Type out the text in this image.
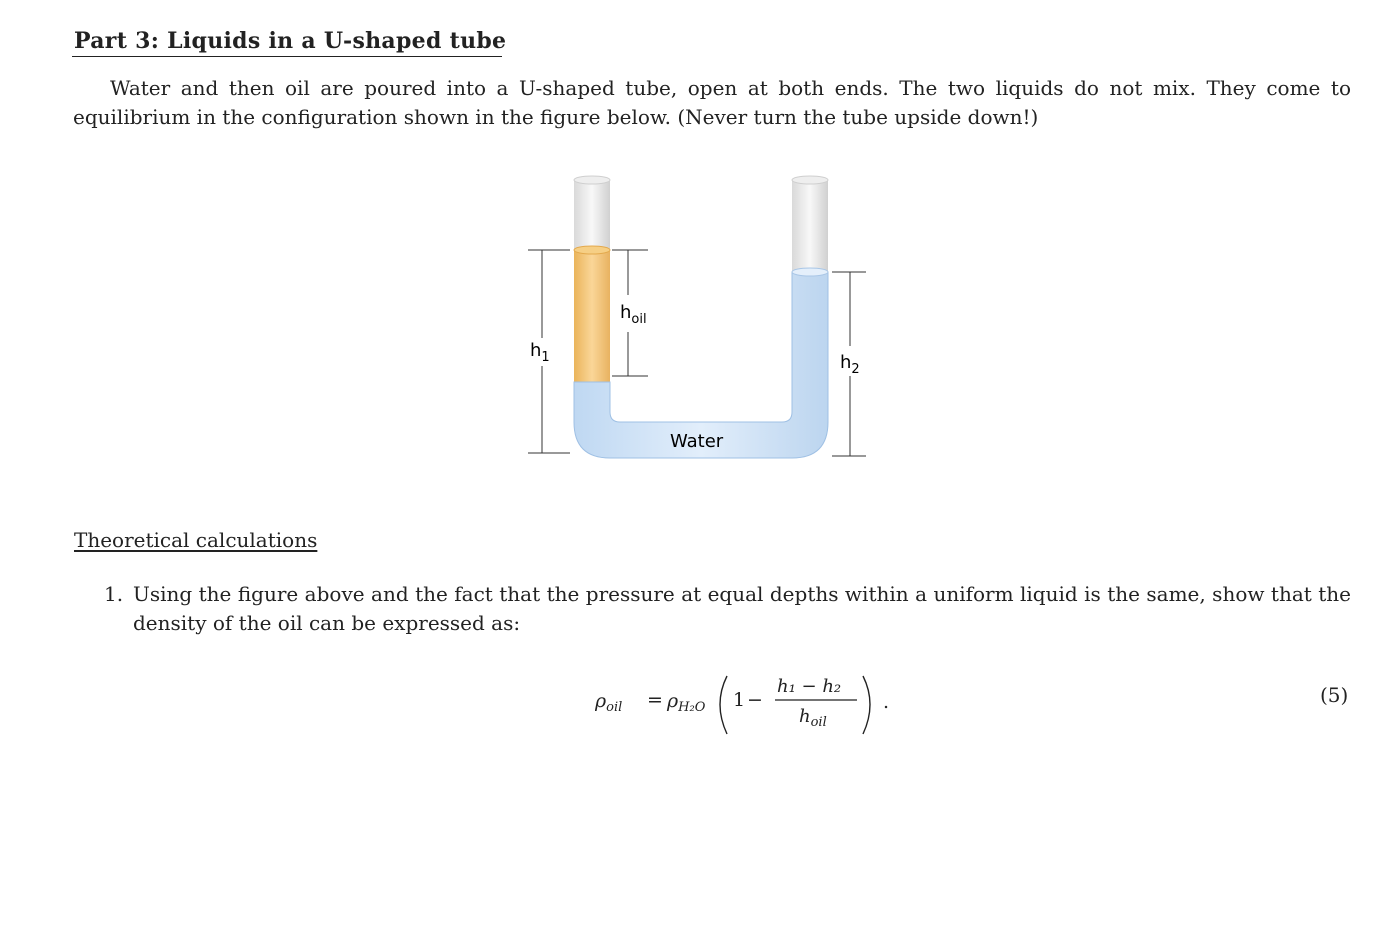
Part 3: Liquids in a U-shaped tube
Water and then oil are poured into a U-shaped tube, open at both ends. The two liquids do not mix. They come to equilibrium in the configuration shown in the figure below. (Never turn the tube upside down!)
$h_1$
$h_{oil}$
$h_2$
Water
Theoretical calculations
1. Using the figure above and the fact that the pressure at equal depths within a uniform liquid is the same, show that the density of the oil can be expressed as:
$\rho_{oil} = \rho_{H_2O}$ 1 −
h₁ − h₂
$h_{oil}$
.	(5)
